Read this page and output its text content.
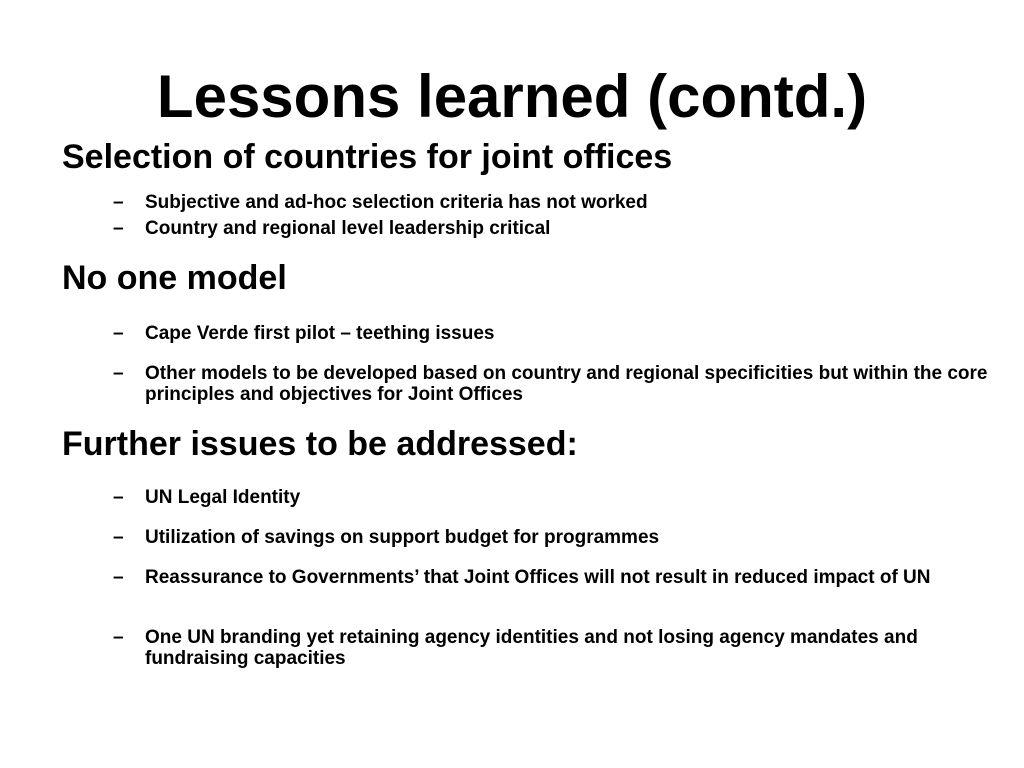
Lessons learned (contd.)
Selection of countries for joint offices
– Subjective and ad-hoc selection criteria has not worked
– Country and regional level leadership critical
No one model
– Cape Verde first pilot – teething issues
– Other models to be developed based on country and regional specificities but within the core principles and objectives for Joint Offices
Further issues to be addressed:
– UN Legal Identity
– Utilization of savings on support budget for programmes
– Reassurance to Governments’ that Joint Offices will not result in reduced impact of UN
– One UN branding yet retaining agency identities and not losing agency mandates and fundraising capacities
